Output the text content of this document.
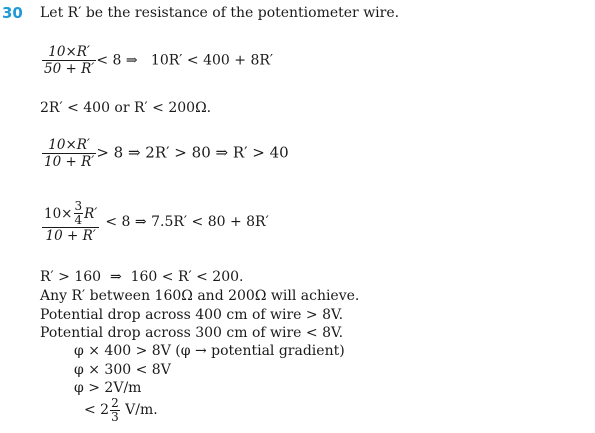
30 Let R′ be the resistance of the potentiometer wire.
$\frac{10\times R'}{50 + R'} < 8$ ⇒   10R′ < 400 + 8R′
2R′ < 400 or R′ < 200Ω.
$\frac{10\times R'}{10 + R'} > 8$ ⇒ 2R′ > 80 ⇒ R′ > 40
10× 3
4 R′
10 + R′ < 8 ⇒ 7.5R′ < 80 + 8R′
R′ > 160  ⇒  160 < R′ < 200.
Any R′ between 160Ω and 200Ω will achieve.
Potential drop across 400 cm of wire > 8V.
Potential drop across 300 cm of wire < 8V.
φ × 400 > 8V (φ → potential gradient)
φ × 300 < 8V
φ > 2V/m
< 2 2
3 V/m.
